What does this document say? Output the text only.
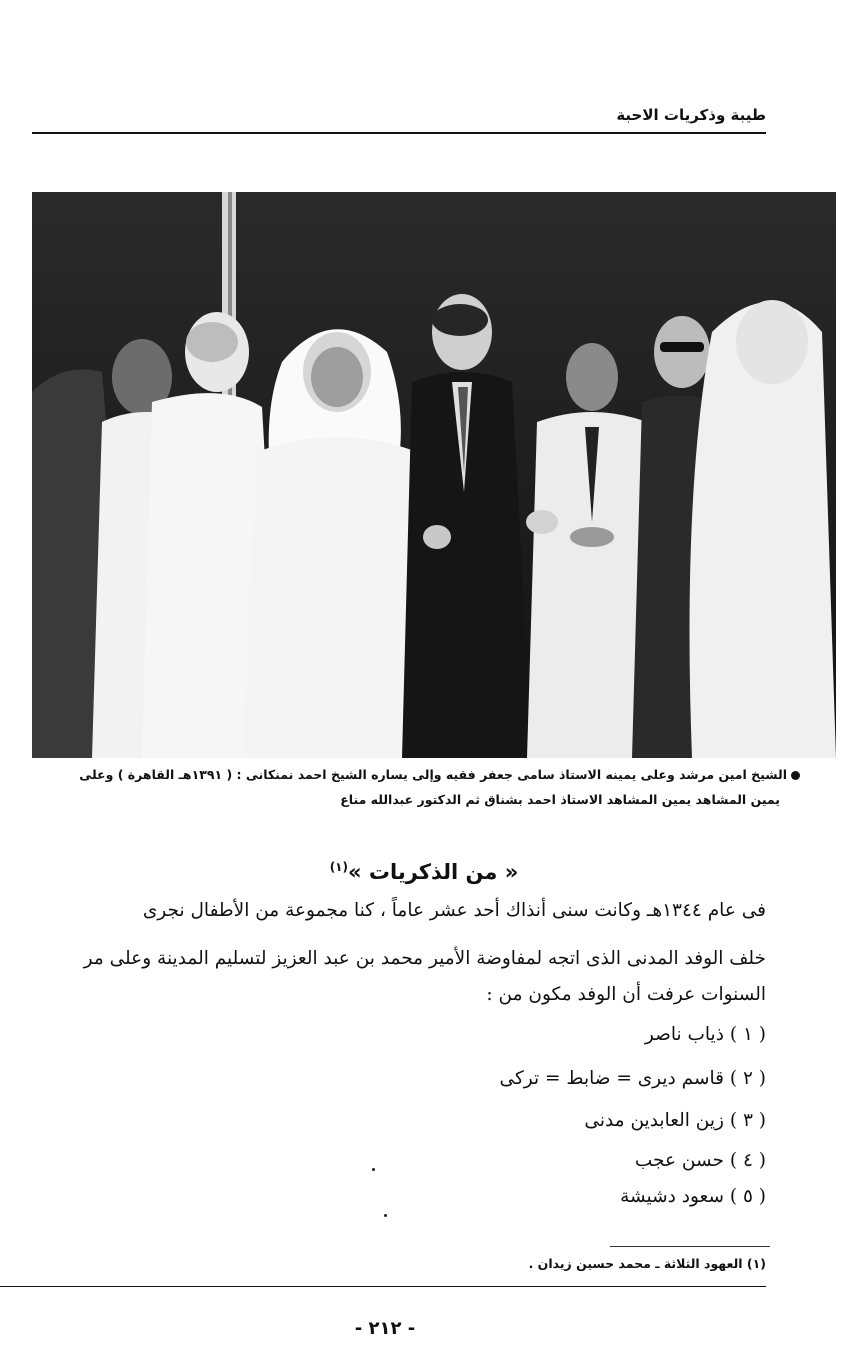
طيبة وذكريات الاحبة
الشيخ امين مرشد وعلى يمينه الاستاذ سامى جعفر فقيه وإلى يساره الشيخ احمد نمنكانى : ( ١٣٩١هـ القاهرة ) وعلى
يمين المشاهد يمين المشاهد الاستاذ احمد بشناق ثم الدكتور عبدالله مناع
« من الذكريات »$^{(١)}$
فى عام ١٣٤٤هـ وكانت سنى أنذاك أحد عشر عاماً ، كنا مجموعة من الأطفال نجرى
خلف الوفد المدنى الذى اتجه لمفاوضة الأمير محمد بن عبد العزيز لتسليم المدينة وعلى مر
السنوات عرفت أن الوفد مكون من :
( ١ ) ذياب ناصر
( ٢ ) قاسم ديرى = ضابط = تركى
( ٣ ) زين العابدين مدنى
( ٤ ) حسن عجب
( ٥ ) سعود دشيشة
(١) العهود الثلاثة ـ محمد حسين زيدان .
- ٢١٢ -
